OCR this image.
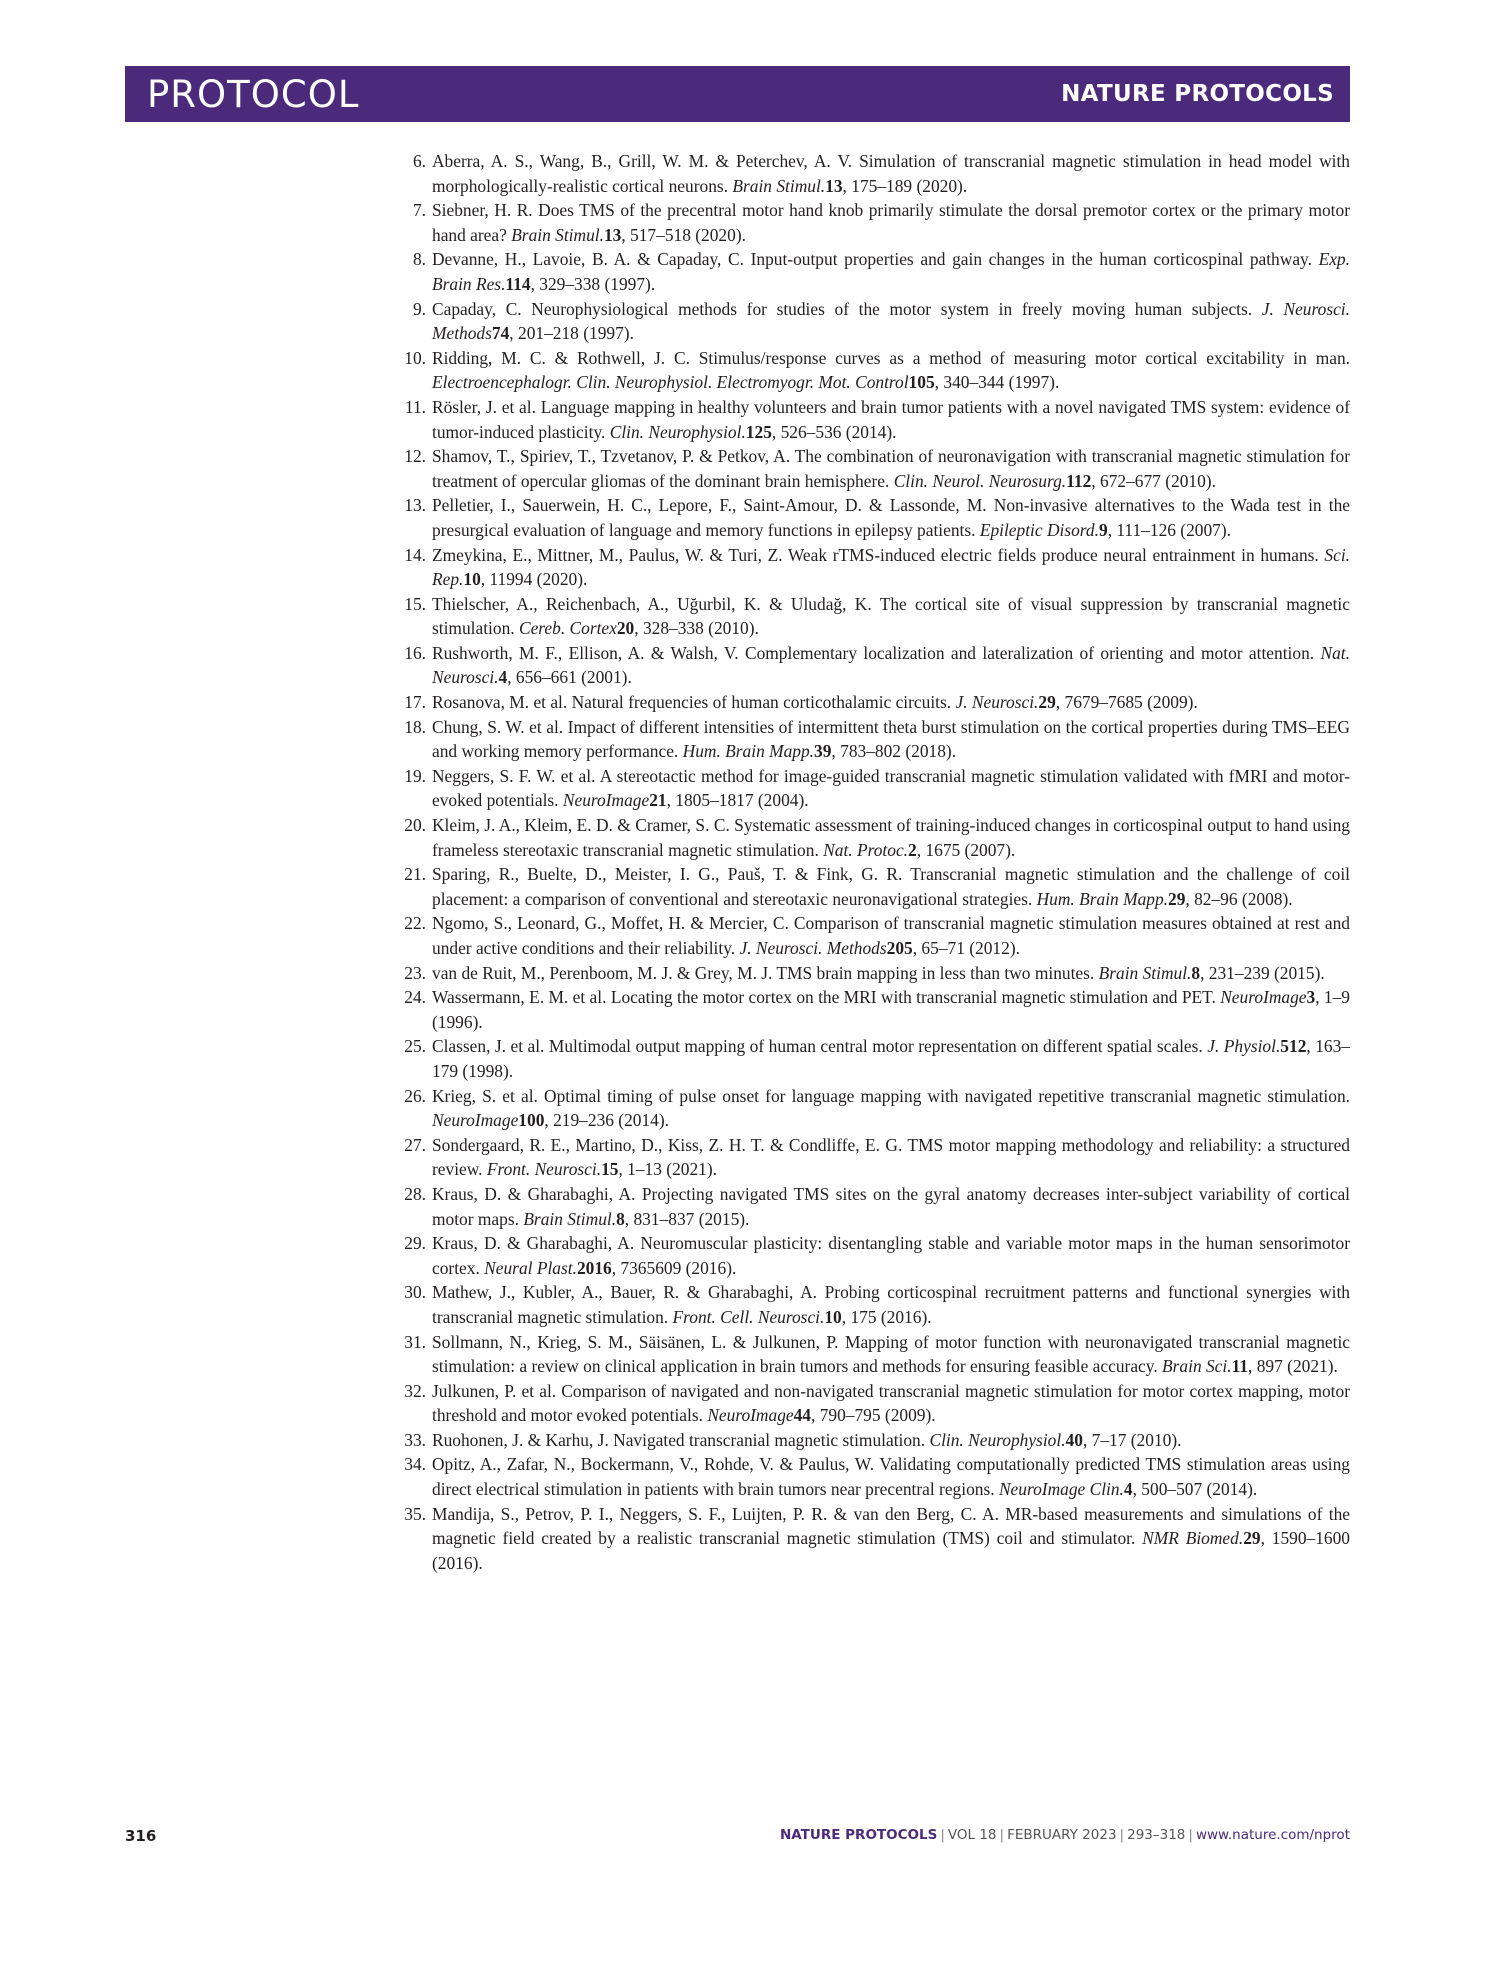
PROTOCOL	NATURE PROTOCOLS
6. Aberra, A. S., Wang, B., Grill, W. M. & Peterchev, A. V. Simulation of transcranial magnetic stimulation in head model with morphologically-realistic cortical neurons. Brain Stimul.13, 175–189 (2020).
7. Siebner, H. R. Does TMS of the precentral motor hand knob primarily stimulate the dorsal premotor cortex or the primary motor hand area? Brain Stimul.13, 517–518 (2020).
8. Devanne, H., Lavoie, B. A. & Capaday, C. Input-output properties and gain changes in the human corticospinal pathway. Exp. Brain Res.114, 329–338 (1997).
9. Capaday, C. Neurophysiological methods for studies of the motor system in freely moving human subjects. J. Neurosci. Methods74, 201–218 (1997).
10. Ridding, M. C. & Rothwell, J. C. Stimulus/response curves as a method of measuring motor cortical excitability in man. Electroencephalogr. Clin. Neurophysiol. Electromyogr. Mot. Control105, 340–344 (1997).
11. Rösler, J. et al. Language mapping in healthy volunteers and brain tumor patients with a novel navigated TMS system: evidence of tumor-induced plasticity. Clin. Neurophysiol.125, 526–536 (2014).
12. Shamov, T., Spiriev, T., Tzvetanov, P. & Petkov, A. The combination of neuronavigation with transcranial magnetic stimulation for treatment of opercular gliomas of the dominant brain hemisphere. Clin. Neurol. Neurosurg.112, 672–677 (2010).
13. Pelletier, I., Sauerwein, H. C., Lepore, F., Saint-Amour, D. & Lassonde, M. Non-invasive alternatives to the Wada test in the presurgical evaluation of language and memory functions in epilepsy patients. Epileptic Disord.9, 111–126 (2007).
14. Zmeykina, E., Mittner, M., Paulus, W. & Turi, Z. Weak rTMS-induced electric fields produce neural entrainment in humans. Sci. Rep.10, 11994 (2020).
15. Thielscher, A., Reichenbach, A., Uğurbil, K. & Uludağ, K. The cortical site of visual suppression by transcranial magnetic stimulation. Cereb. Cortex20, 328–338 (2010).
16. Rushworth, M. F., Ellison, A. & Walsh, V. Complementary localization and lateralization of orienting and motor attention. Nat. Neurosci.4, 656–661 (2001).
17. Rosanova, M. et al. Natural frequencies of human corticothalamic circuits. J. Neurosci.29, 7679–7685 (2009).
18. Chung, S. W. et al. Impact of different intensities of intermittent theta burst stimulation on the cortical properties during TMS–EEG and working memory performance. Hum. Brain Mapp.39, 783–802 (2018).
19. Neggers, S. F. W. et al. A stereotactic method for image-guided transcranial magnetic stimulation validated with fMRI and motor-evoked potentials. NeuroImage21, 1805–1817 (2004).
20. Kleim, J. A., Kleim, E. D. & Cramer, S. C. Systematic assessment of training-induced changes in corticospinal output to hand using frameless stereotaxic transcranial magnetic stimulation. Nat. Protoc.2, 1675 (2007).
21. Sparing, R., Buelte, D., Meister, I. G., Pauš, T. & Fink, G. R. Transcranial magnetic stimulation and the challenge of coil placement: a comparison of conventional and stereotaxic neuronavigational strategies. Hum. Brain Mapp.29, 82–96 (2008).
22. Ngomo, S., Leonard, G., Moffet, H. & Mercier, C. Comparison of transcranial magnetic stimulation measures obtained at rest and under active conditions and their reliability. J. Neurosci. Methods205, 65–71 (2012).
23. van de Ruit, M., Perenboom, M. J. & Grey, M. J. TMS brain mapping in less than two minutes. Brain Stimul.8, 231–239 (2015).
24. Wassermann, E. M. et al. Locating the motor cortex on the MRI with transcranial magnetic stimulation and PET. NeuroImage3, 1–9 (1996).
25. Classen, J. et al. Multimodal output mapping of human central motor representation on different spatial scales. J. Physiol.512, 163–179 (1998).
26. Krieg, S. et al. Optimal timing of pulse onset for language mapping with navigated repetitive transcranial magnetic stimulation. NeuroImage100, 219–236 (2014).
27. Sondergaard, R. E., Martino, D., Kiss, Z. H. T. & Condliffe, E. G. TMS motor mapping methodology and reliability: a structured review. Front. Neurosci.15, 1–13 (2021).
28. Kraus, D. & Gharabaghi, A. Projecting navigated TMS sites on the gyral anatomy decreases inter-subject variability of cortical motor maps. Brain Stimul.8, 831–837 (2015).
29. Kraus, D. & Gharabaghi, A. Neuromuscular plasticity: disentangling stable and variable motor maps in the human sensorimotor cortex. Neural Plast.2016, 7365609 (2016).
30. Mathew, J., Kubler, A., Bauer, R. & Gharabaghi, A. Probing corticospinal recruitment patterns and functional synergies with transcranial magnetic stimulation. Front. Cell. Neurosci.10, 175 (2016).
31. Sollmann, N., Krieg, S. M., Säisänen, L. & Julkunen, P. Mapping of motor function with neuronavigated transcranial magnetic stimulation: a review on clinical application in brain tumors and methods for ensuring feasible accuracy. Brain Sci.11, 897 (2021).
32. Julkunen, P. et al. Comparison of navigated and non-navigated transcranial magnetic stimulation for motor cortex mapping, motor threshold and motor evoked potentials. NeuroImage44, 790–795 (2009).
33. Ruohonen, J. & Karhu, J. Navigated transcranial magnetic stimulation. Clin. Neurophysiol.40, 7–17 (2010).
34. Opitz, A., Zafar, N., Bockermann, V., Rohde, V. & Paulus, W. Validating computationally predicted TMS stimulation areas using direct electrical stimulation in patients with brain tumors near precentral regions. NeuroImage Clin.4, 500–507 (2014).
35. Mandija, S., Petrov, P. I., Neggers, S. F., Luijten, P. R. & van den Berg, C. A. MR-based measurements and simulations of the magnetic field created by a realistic transcranial magnetic stimulation (TMS) coil and stimulator. NMR Biomed.29, 1590–1600 (2016).
316	NATURE PROTOCOLS | VOL 18 | FEBRUARY 2023 | 293–318 | www.nature.com/nprot
